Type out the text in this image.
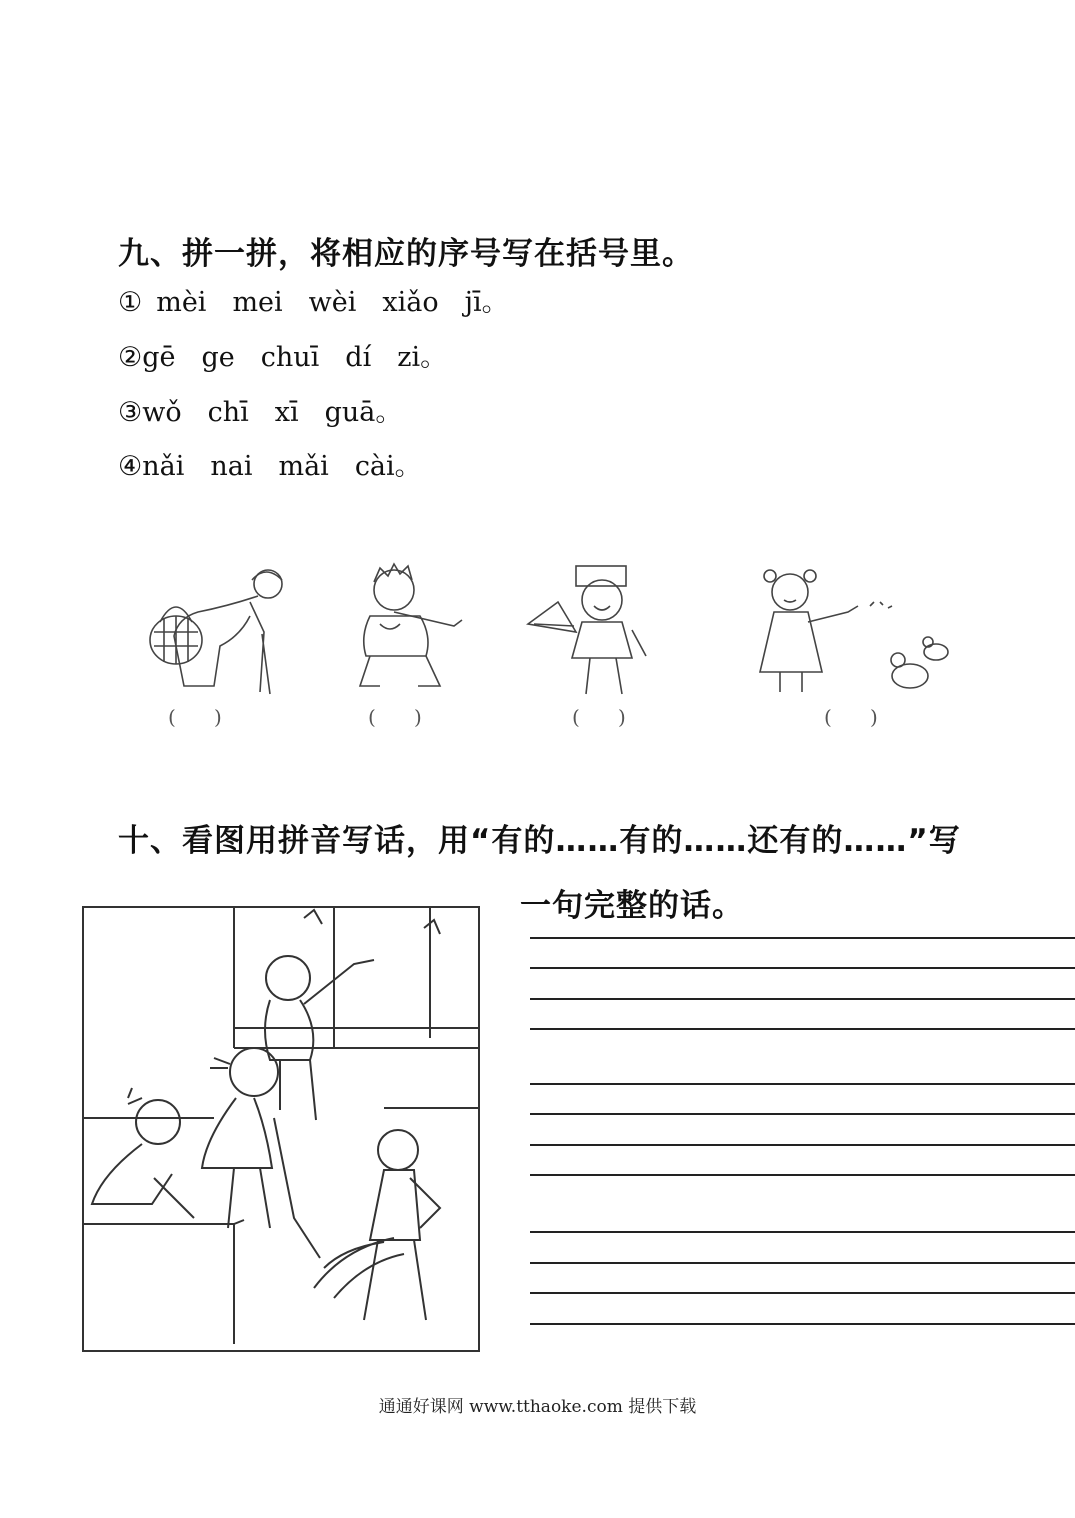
九、拼一拼，将相应的序号写在括号里。
① mèi mei wèi xiǎo jī。
②gē ge chuī dí zi。
③wǒ chī xī guā。
④nǎi nai mǎi cài。
(      )	(      )	(      )	(      )
十、看图用拼音写话，用“有的……有的……还有的……”写
一句完整的话。
通通好课网 www.tthaoke.com 提供下载
